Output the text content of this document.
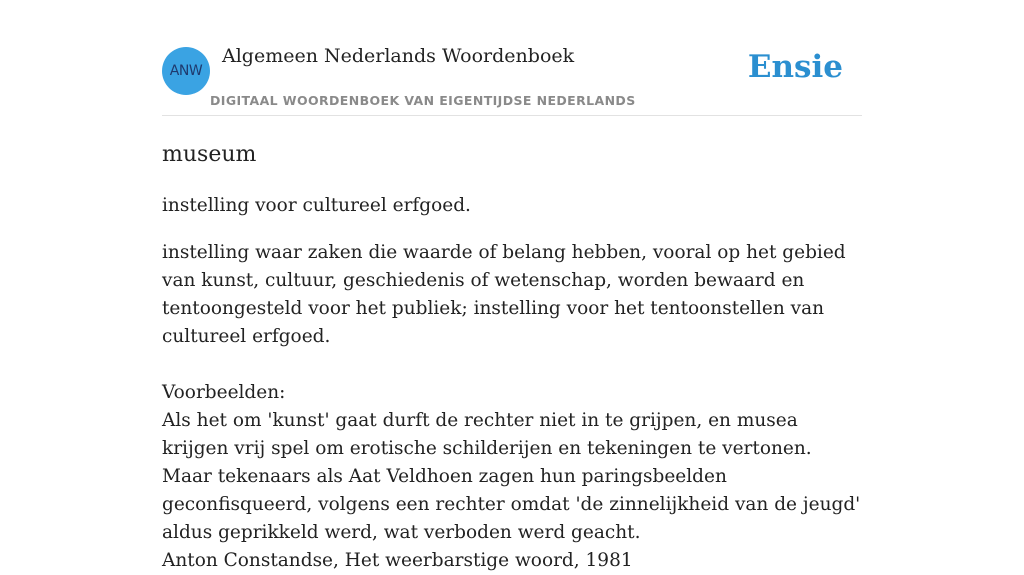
ANW
Algemeen Nederlands Woordenboek
DIGITAAL WOORDENBOEK VAN EIGENTIJDSE NEDERLANDS
Ensie
museum

instelling voor cultureel erfgoed.

instelling waar zaken die waarde of belang hebben, vooral op het gebied van kunst, cultuur, geschiedenis of wetenschap, worden bewaard en tentoongesteld voor het publiek; instelling voor het tentoonstellen van cultureel erfgoed.

Voorbeelden:

Als het om 'kunst' gaat durft de rechter niet in te grijpen, en musea krijgen vrij spel om erotische schilderijen en tekeningen te vertonen. Maar tekenaars als Aat Veldhoen zagen hun paringsbeelden geconfisqueerd, volgens een rechter omdat 'de zinnelijkheid van de jeugd' aldus geprikkeld werd, wat verboden werd geacht.

Anton Constandse, Het weerbarstige woord, 1981
